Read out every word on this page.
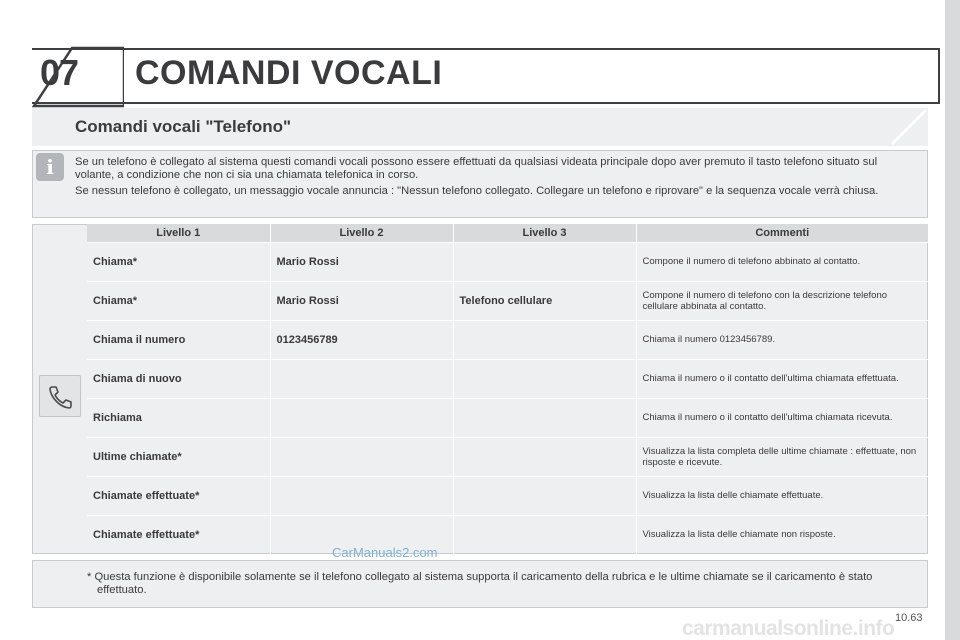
07 COMANDI VOCALI
Comandi vocali "Telefono"
i	Se un telefono è collegato al sistema questi comandi vocali possono essere effettuati da qualsiasi videata principale dopo aver premuto il tasto telefono situato sul volante, a condizione che non ci sia una chiamata telefonica in corso.

Se nessun telefono è collegato, un messaggio vocale annuncia : "Nessun telefono collegato. Collegare un telefono e riprovare" e la sequenza vocale verrà chiusa.

Livello 1	Livello 2	Livello 3	Commenti
Chiama*	Mario Rossi		Compone il numero di telefono abbinato al contatto.
Chiama*	Mario Rossi	Telefono cellulare	Compone il numero di telefono con la descrizione telefono cellulare abbinata al contatto.
Chiama il numero	0123456789		Chiama il numero 0123456789.
Chiama di nuovo			Chiama il numero o il contatto dell'ultima chiamata effettuata.
Richiama			Chiama il numero o il contatto dell'ultima chiamata ricevuta.
Ultime chiamate*			Visualizza la lista completa delle ultime chiamate : effettuate, non risposte e ricevute.
Chiamate effettuate*			Visualizza la lista delle chiamate effettuate.
Chiamate effettuate*			Visualizza la lista delle chiamate non risposte.
* Questa funzione è disponibile solamente se il telefono collegato al sistema supporta il caricamento della rubrica e le ultime chiamate se il caricamento è stato effettuato.
CarManuals2.com
carmanualsonline.info 10.63
